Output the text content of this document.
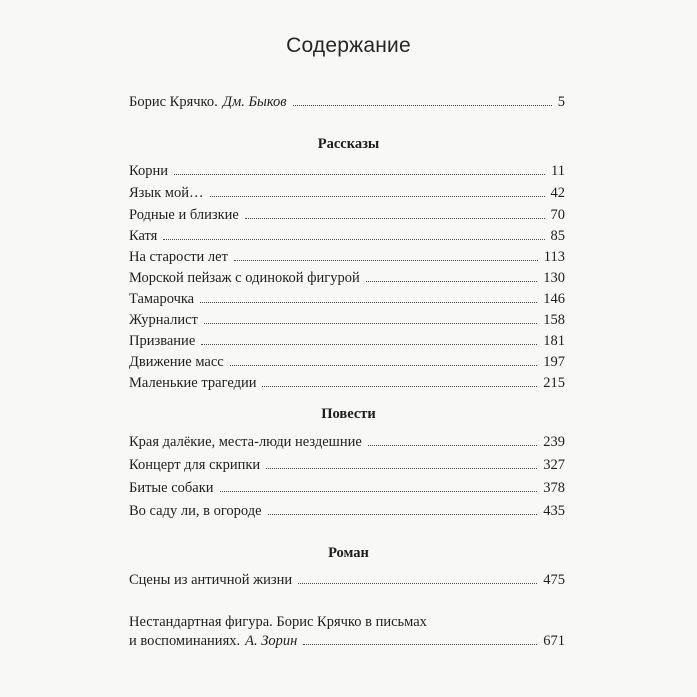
Содержание
Борис Крячко. Дм. Быков	5
Рассказы
Корни	11
Язык мой…	42
Родные и близкие	70
Катя	85
На старости лет	113
Морской пейзаж с одинокой фигурой	130
Тамарочка	146
Журналист	158
Призвание	181
Движение масс	197
Маленькие трагедии	215
Повести
Края далёкие, места-люди нездешние	239
Концерт для скрипки	327
Битые собаки	378
Во саду ли, в огороде	435
Роман
Сцены из античной жизни	475
Нестандартная фигура. Борис Крячко в письмах
и воспоминаниях. А. Зорин	671
